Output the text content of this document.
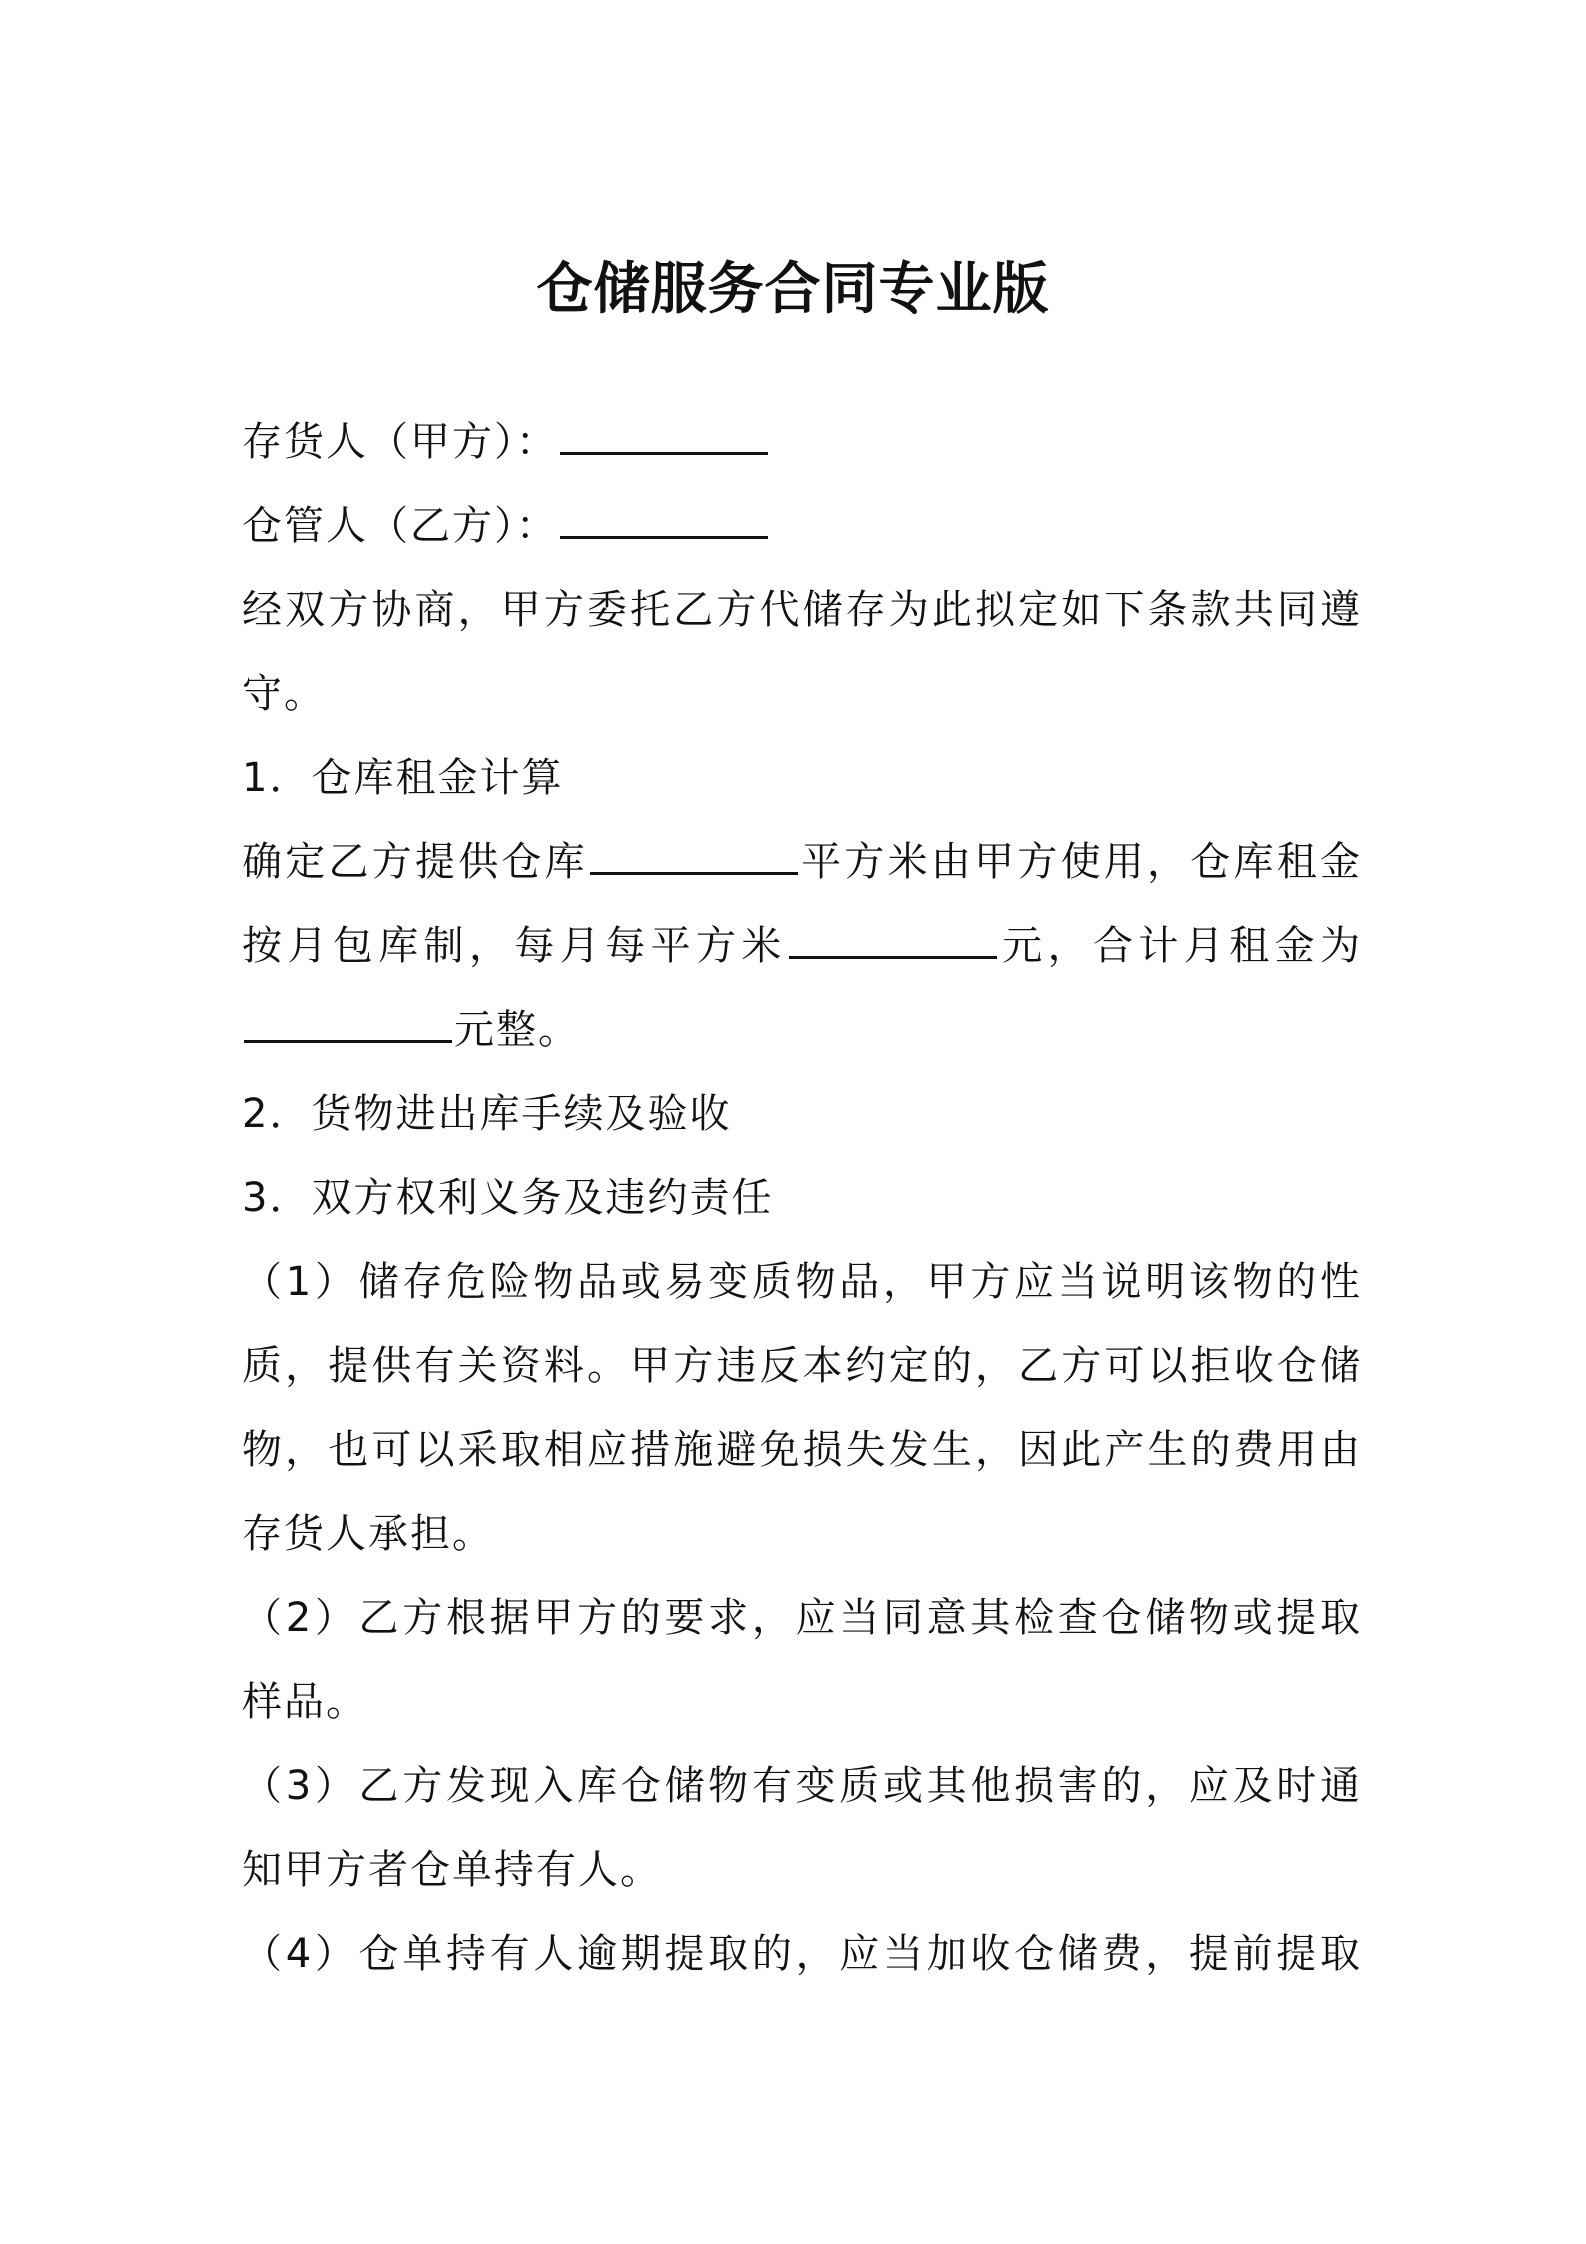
仓储服务合同专业版
存货人（甲方）：
仓管人（乙方）：
经双方协商，甲方委托乙方代储存为此拟定如下条款共同遵
守。
1．仓库租金计算
确定乙方提供仓库	平方米由甲方使用，仓库租金
按月包库制，每月每平方米	元，合计月租金为
元整。
2．货物进出库手续及验收
3．双方权利义务及违约责任
（1）储存危险物品或易变质物品，甲方应当说明该物的性
质，提供有关资料。甲方违反本约定的，乙方可以拒收仓储
物，也可以采取相应措施避免损失发生，因此产生的费用由
存货人承担。
（2）乙方根据甲方的要求，应当同意其检查仓储物或提取
样品。
（3）乙方发现入库仓储物有变质或其他损害的，应及时通
知甲方者仓单持有人。
（4）仓单持有人逾期提取的，应当加收仓储费，提前提取
